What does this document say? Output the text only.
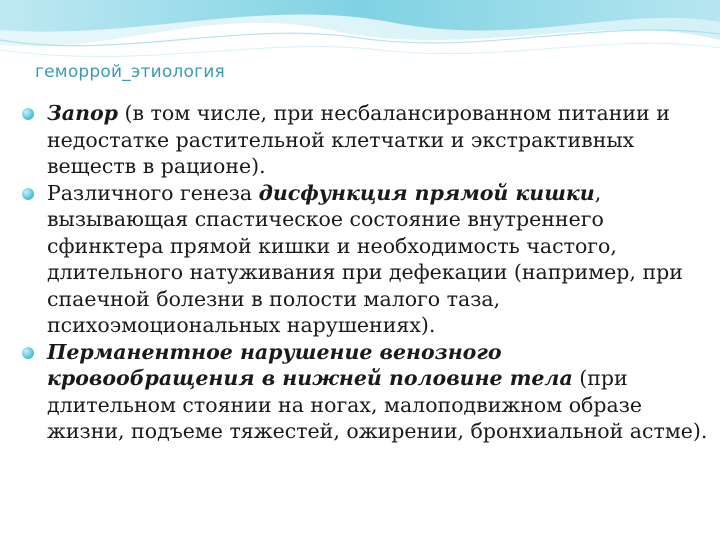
геморрой_этиология
Запор (в том числе, при несбалансированном питании и недостатке растительной клетчатки и экстрактивных веществ в рационе).
Различного генеза дисфункция прямой кишки, вызывающая спастическое состояние внутреннего сфинктера прямой кишки и необходимость частого, длительного натуживания при дефекации (например, при спаечной болезни в полости малого таза, психоэмоциональных нарушениях).
Перманентное нарушение венозного кровообращения в нижней половине тела (при длительном стоянии на ногах, малоподвижном образе жизни, подъеме тяжестей, ожирении, бронхиальной астме).
